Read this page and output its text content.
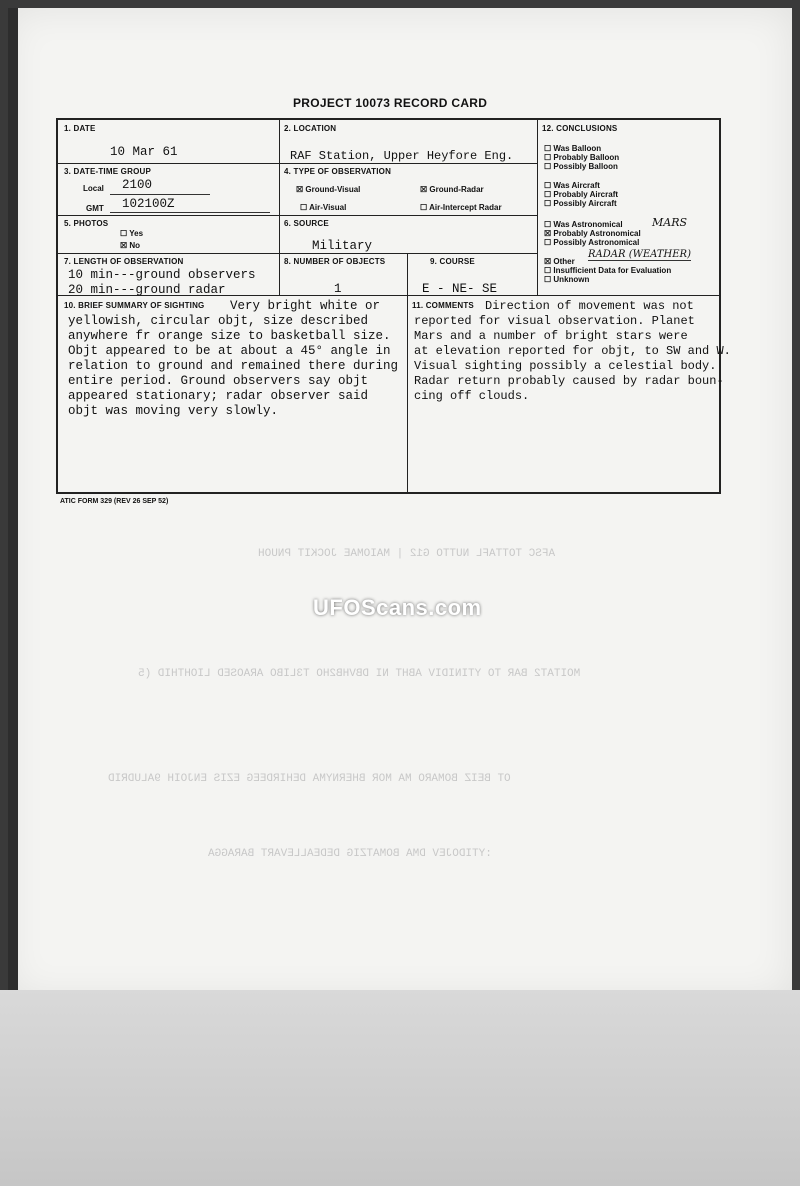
AFSC TOTTAFL NUTTO G12 | MAIOMAE JOCKIT PNUOH
MOITAT2 BAR TO YTINIDIV ABHT NI DBVHB2HO T3LIBO ARAOSED LIOHTHID (5
OT BEIZ BOMARO MA MOR BHERNYMA DEHIRDEEG EZIS ENJOIH 9ALUDRID
:YTIDOJEV DMA BOMATZIG DEDEALLEVART BARAGGA
PROJECT 10073 RECORD CARD
1. DATE
10 Mar 61
2. LOCATION
RAF Station, Upper Heyfore Eng.
3. DATE-TIME GROUP
Local 2100
GMT 102100Z
4. TYPE OF OBSERVATION
☒ Ground-Visual	☒ Ground-Radar
☐ Air-Visual	☐ Air-Intercept Radar
5. PHOTOS
☐ Yes
☒ No
6. SOURCE
Military
7. LENGTH OF OBSERVATION
10 min---ground observers
20 min---ground radar
8. NUMBER OF OBJECTS
1
9. COURSE
E - NE- SE
12. CONCLUSIONS
☐ Was Balloon
☐ Probably Balloon
☐ Possibly Balloon
☐ Was Aircraft
☐ Probably Aircraft
☐ Possibly Aircraft
☐ Was Astronomical
☒ Probably Astronomical
☐ Possibly Astronomical
MARS
☒ Other
☐ Insufficient Data for Evaluation
☐ Unknown
RADAR (WEATHER)
10. BRIEF SUMMARY OF SIGHTING Very bright white or
yellowish, circular objt, size described
anywhere fr orange size to basketball size.
Objt appeared to be at about a 45° angle in
relation to ground and remained there during
entire period. Ground observers say objt
appeared stationary; radar observer said
objt was moving very slowly.
11. COMMENTS Direction of movement was not
reported for visual observation. Planet
Mars and a number of bright stars were
at elevation reported for objt, to SW and W.
Visual sighting possibly a celestial body.
Radar return probably caused by radar boun-
cing off clouds.
ATIC FORM 329 (REV 26 SEP 52)
UFOScans.com
